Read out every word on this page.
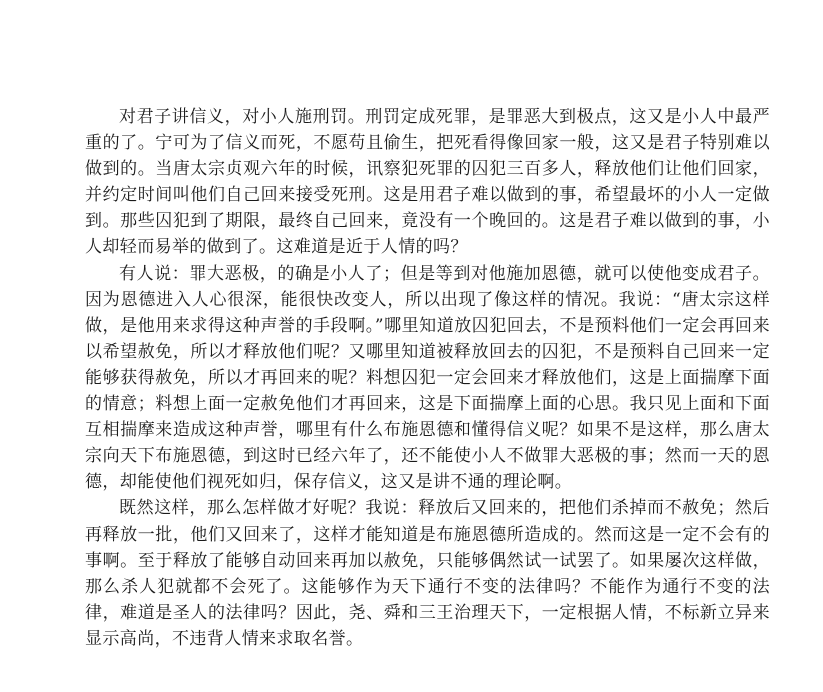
对君子讲信义，对小人施刑罚。刑罚定成死罪，是罪恶大到极点，这又是小人中最严重的了。宁可为了信义而死，不愿苟且偷生，把死看得像回家一般，这又是君子特别难以做到的。当唐太宗贞观六年的时候，讯察犯死罪的囚犯三百多人，释放他们让他们回家，并约定时间叫他们自己回来接受死刑。这是用君子难以做到的事，希望最坏的小人一定做到。那些囚犯到了期限，最终自己回来，竟没有一个晚回的。这是君子难以做到的事，小人却轻而易举的做到了。这难道是近于人情的吗？

有人说：罪大恶极，的确是小人了；但是等到对他施加恩德，就可以使他变成君子。因为恩德进入人心很深，能很快改变人，所以出现了像这样的情况。我说：“唐太宗这样做，是他用来求得这种声誉的手段啊。”哪里知道放囚犯回去，不是预料他们一定会再回来以希望赦免，所以才释放他们呢？又哪里知道被释放回去的囚犯，不是预料自己回来一定能够获得赦免，所以才再回来的呢？料想囚犯一定会回来才释放他们，这是上面揣摩下面的情意；料想上面一定赦免他们才再回来，这是下面揣摩上面的心思。我只见上面和下面互相揣摩来造成这种声誉，哪里有什么布施恩德和懂得信义呢？如果不是这样，那么唐太宗向天下布施恩德，到这时已经六年了，还不能使小人不做罪大恶极的事；然而一天的恩德，却能使他们视死如归，保存信义，这又是讲不通的理论啊。

既然这样，那么怎样做才好呢？我说：释放后又回来的，把他们杀掉而不赦免；然后再释放一批，他们又回来了，这样才能知道是布施恩德所造成的。然而这是一定不会有的事啊。至于释放了能够自动回来再加以赦免，只能够偶然试一试罢了。如果屡次这样做，那么杀人犯就都不会死了。这能够作为天下通行不变的法律吗？不能作为通行不变的法律，难道是圣人的法律吗？因此，尧、舜和三王治理天下，一定根据人情，不标新立异来显示高尚，不违背人情来求取名誉。
